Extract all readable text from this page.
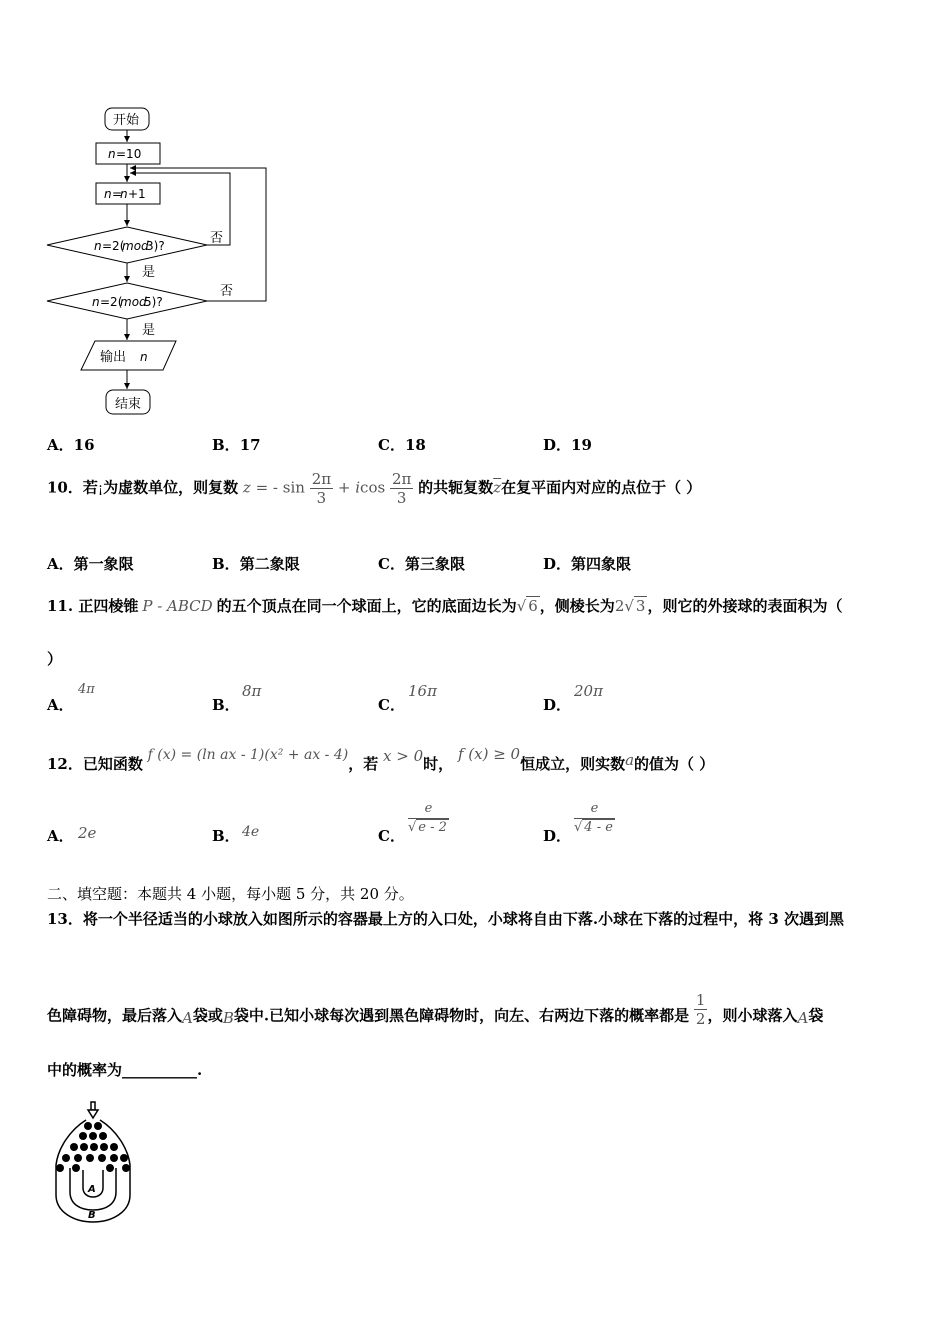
开始
n =10
n =
n +1
n =2(
mod
3)?
n =2(
mod
5)?
否
否
是
是
输出 n
结束
A．16	B．17	C．18	D．19
10．若¡为虚数单位，则复数 z = - $\sin \frac{2\pi}{3} + icos \frac{2\pi}{3}$ 的共轭复数$\overline{z}$在复平面内对应的点位于（ ）
A．第一象限	B．第二象限	C．第三象限	D．第四象限
11. 正四棱锥 P - ABCD 的五个顶点在同一个球面上，它的底面边长为√ 6 ，侧棱长为2√ 3 ，则它的外接球的表面积为（
）
A．
4π
B．
8π
C．
16π
D．
20π
12．已知函数 f (x) = (ln ax - 1)(x² + ax - 4)，若 x > 0时， f (x) ≥ 0恒成立，则实数a的值为（ ）
A． 2e	B． 4e	C． $\frac{e}{√ e - 2}$	D． $\frac{e}{√ 4 - e}$
二、填空题：本题共 4 小题，每小题 5 分，共 20 分。
13．将一个半径适当的小球放入如图所示的容器最上方的入口处，小球将自由下落.小球在下落的过程中，将 3 次遇到黑
色障碍物，最后落入A袋或B袋中.已知小球每次遇到黑色障碍物时，向左、右两边下落的概率都是 $\frac{1}{2}$ ，则小球落入A袋
中的概率为__________.
A
B
